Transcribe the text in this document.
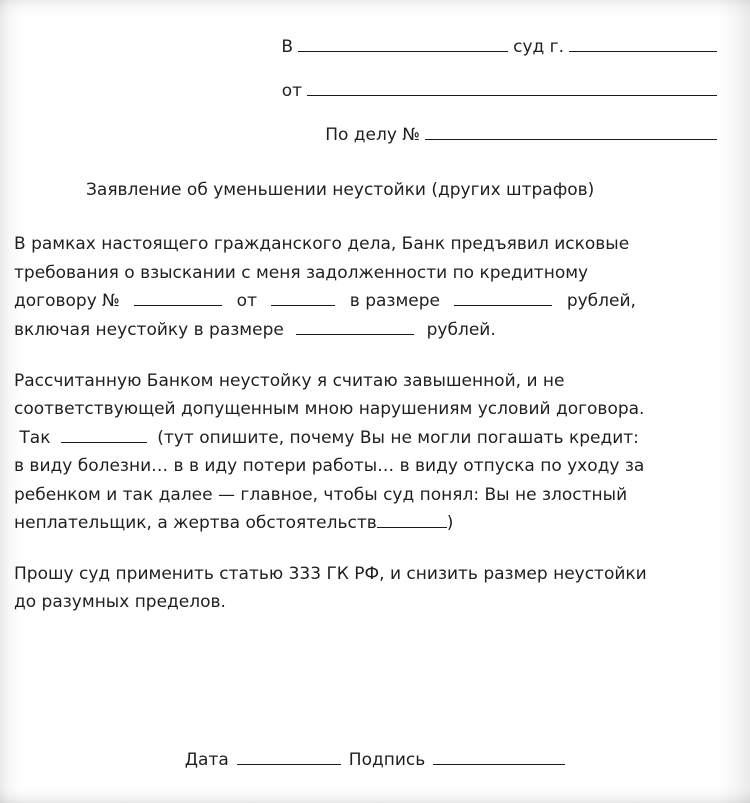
В	суд г.
от
По делу №
Заявление об уменьшении неустойки (других штрафов)
В рамках настоящего гражданского дела, Банк предъявил исковые
требования о взыскании с меня задолженности по кредитному
договору №	от	в размере	рублей,
включая неустойку в размере	рублей.
Рассчитанную Банком неустойку я считаю завышенной, и не
соответствующей допущенным мною нарушениям условий договора.
Так	(тут опишите, почему Вы не могли погашать кредит:
в виду болезни… в в иду потери работы… в виду отпуска по уходу за
ребенком и так далее — главное, чтобы суд понял: Вы не злостный
неплательщик, а жертва обстоятельств	)
Прошу суд применить статью 333 ГК РФ, и снизить размер неустойки
до разумных пределов.
Дата	Подпись
